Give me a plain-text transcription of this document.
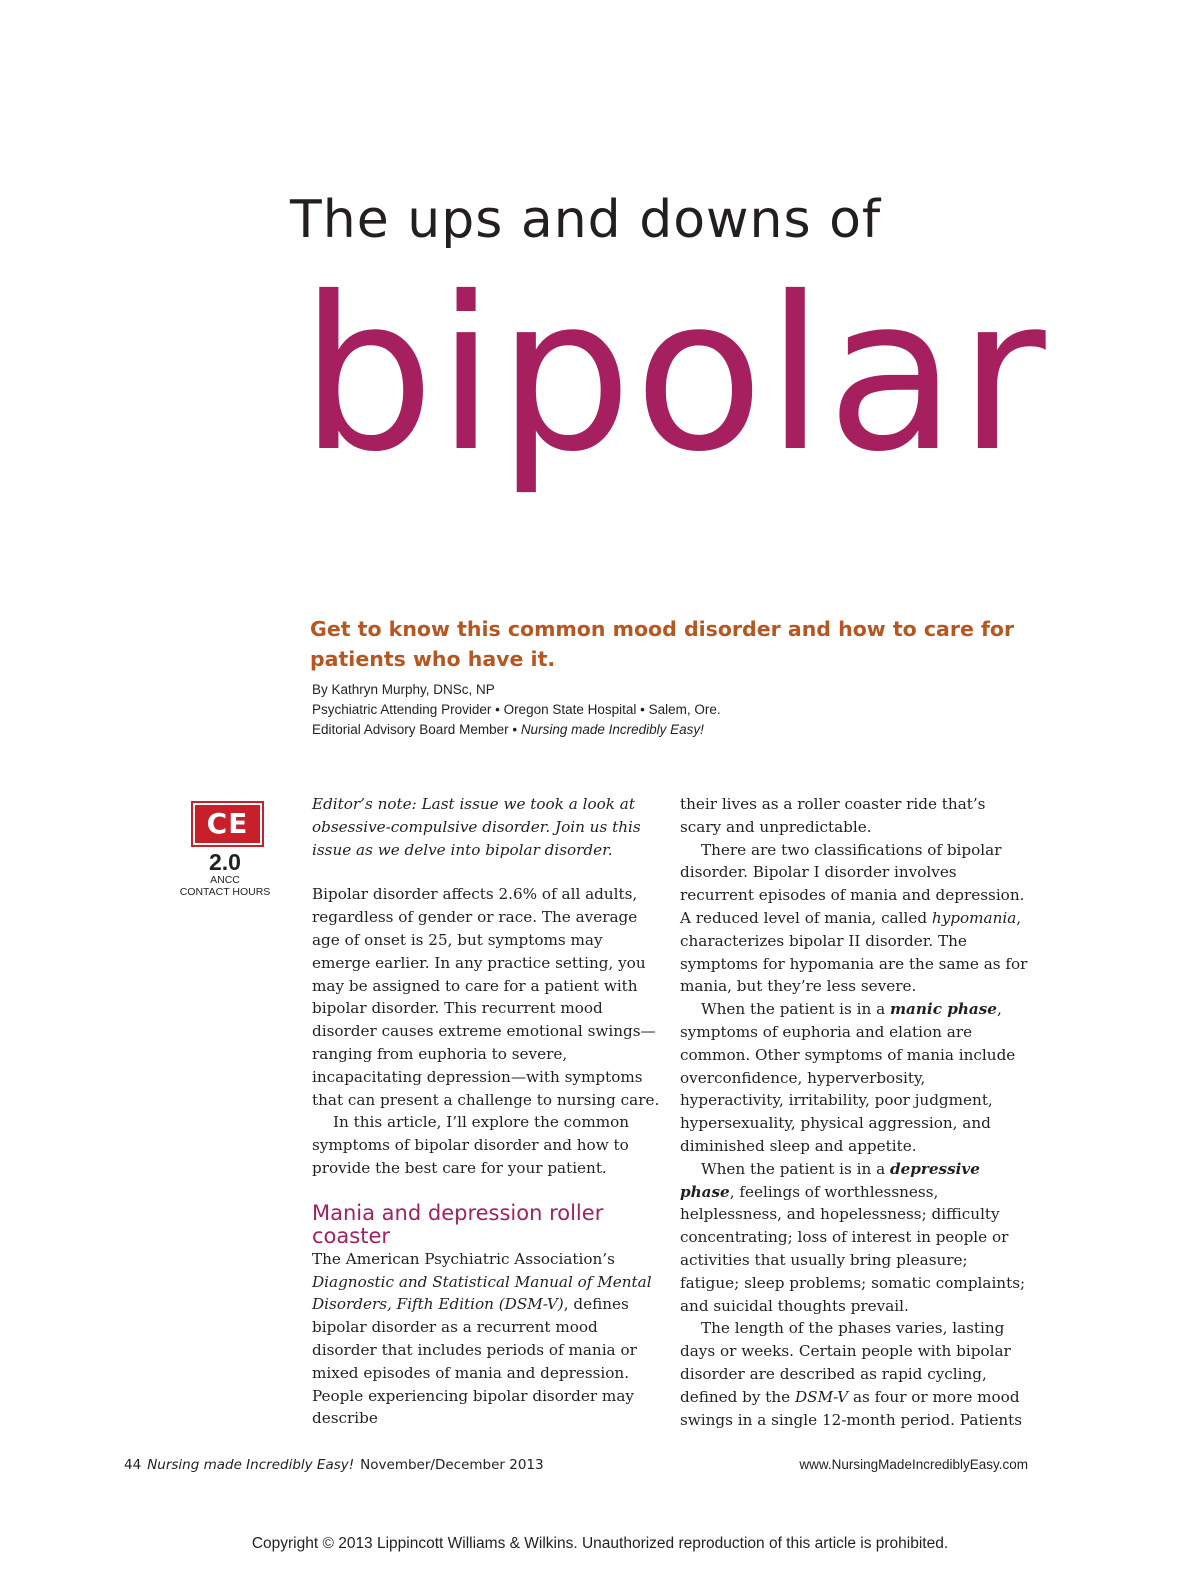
The ups and downs of
bipolar
Get to know this common mood disorder and how to care for patients who have it.
By Kathryn Murphy, DNSc, NP
Psychiatric Attending Provider • Oregon State Hospital • Salem, Ore.
Editorial Advisory Board Member • Nursing made Incredibly Easy!
CE
2.0
ANCC
CONTACT HOURS

Editor’s note: Last issue we took a look at obsessive-compulsive disorder. Join us this issue as we delve into bipolar disorder.

Bipolar disorder affects 2.6% of all adults, regardless of gender or race. The average age of onset is 25, but symptoms may emerge earlier. In any practice setting, you may be assigned to care for a patient with bipolar disorder. This recurrent mood disorder causes extreme emotional swings—ranging from euphoria to severe, incapacitating depression—with symptoms that can present a challenge to nursing care.

In this article, I’ll explore the common symptoms of bipolar disorder and how to provide the best care for your patient.

Mania and depression roller coaster

The American Psychiatric Association’s Diagnostic and Statistical Manual of Mental Disorders, Fifth Edition (DSM-V), defines bipolar disorder as a recurrent mood disorder that includes periods of mania or mixed episodes of mania and depression. People experiencing bipolar disorder may describe

their lives as a roller coaster ride that’s scary and unpredictable.

There are two classifications of bipolar disorder. Bipolar I disorder involves recurrent episodes of mania and depression. A reduced level of mania, called hypomania, characterizes bipolar II disorder. The symptoms for hypomania are the same as for mania, but they’re less severe.

When the patient is in a manic phase, symptoms of euphoria and elation are common. Other symptoms of mania include overconfidence, hyperverbosity, hyperactivity, irritability, poor judgment, hypersexuality, physical aggression, and diminished sleep and appetite.

When the patient is in a depressive phase, feelings of worthlessness, helplessness, and hopelessness; difficulty concentrating; loss of interest in people or activities that usually bring pleasure; fatigue; sleep problems; somatic complaints; and suicidal thoughts prevail.

The length of the phases varies, lasting days or weeks. Certain people with bipolar disorder are described as rapid cycling, defined by the DSM-V as four or more mood swings in a single 12-month period. Patients

44 Nursing made Incredibly Easy! November/December 2013	www.NursingMadeIncrediblyEasy.com
Copyright © 2013 Lippincott Williams & Wilkins. Unauthorized reproduction of this article is prohibited.
